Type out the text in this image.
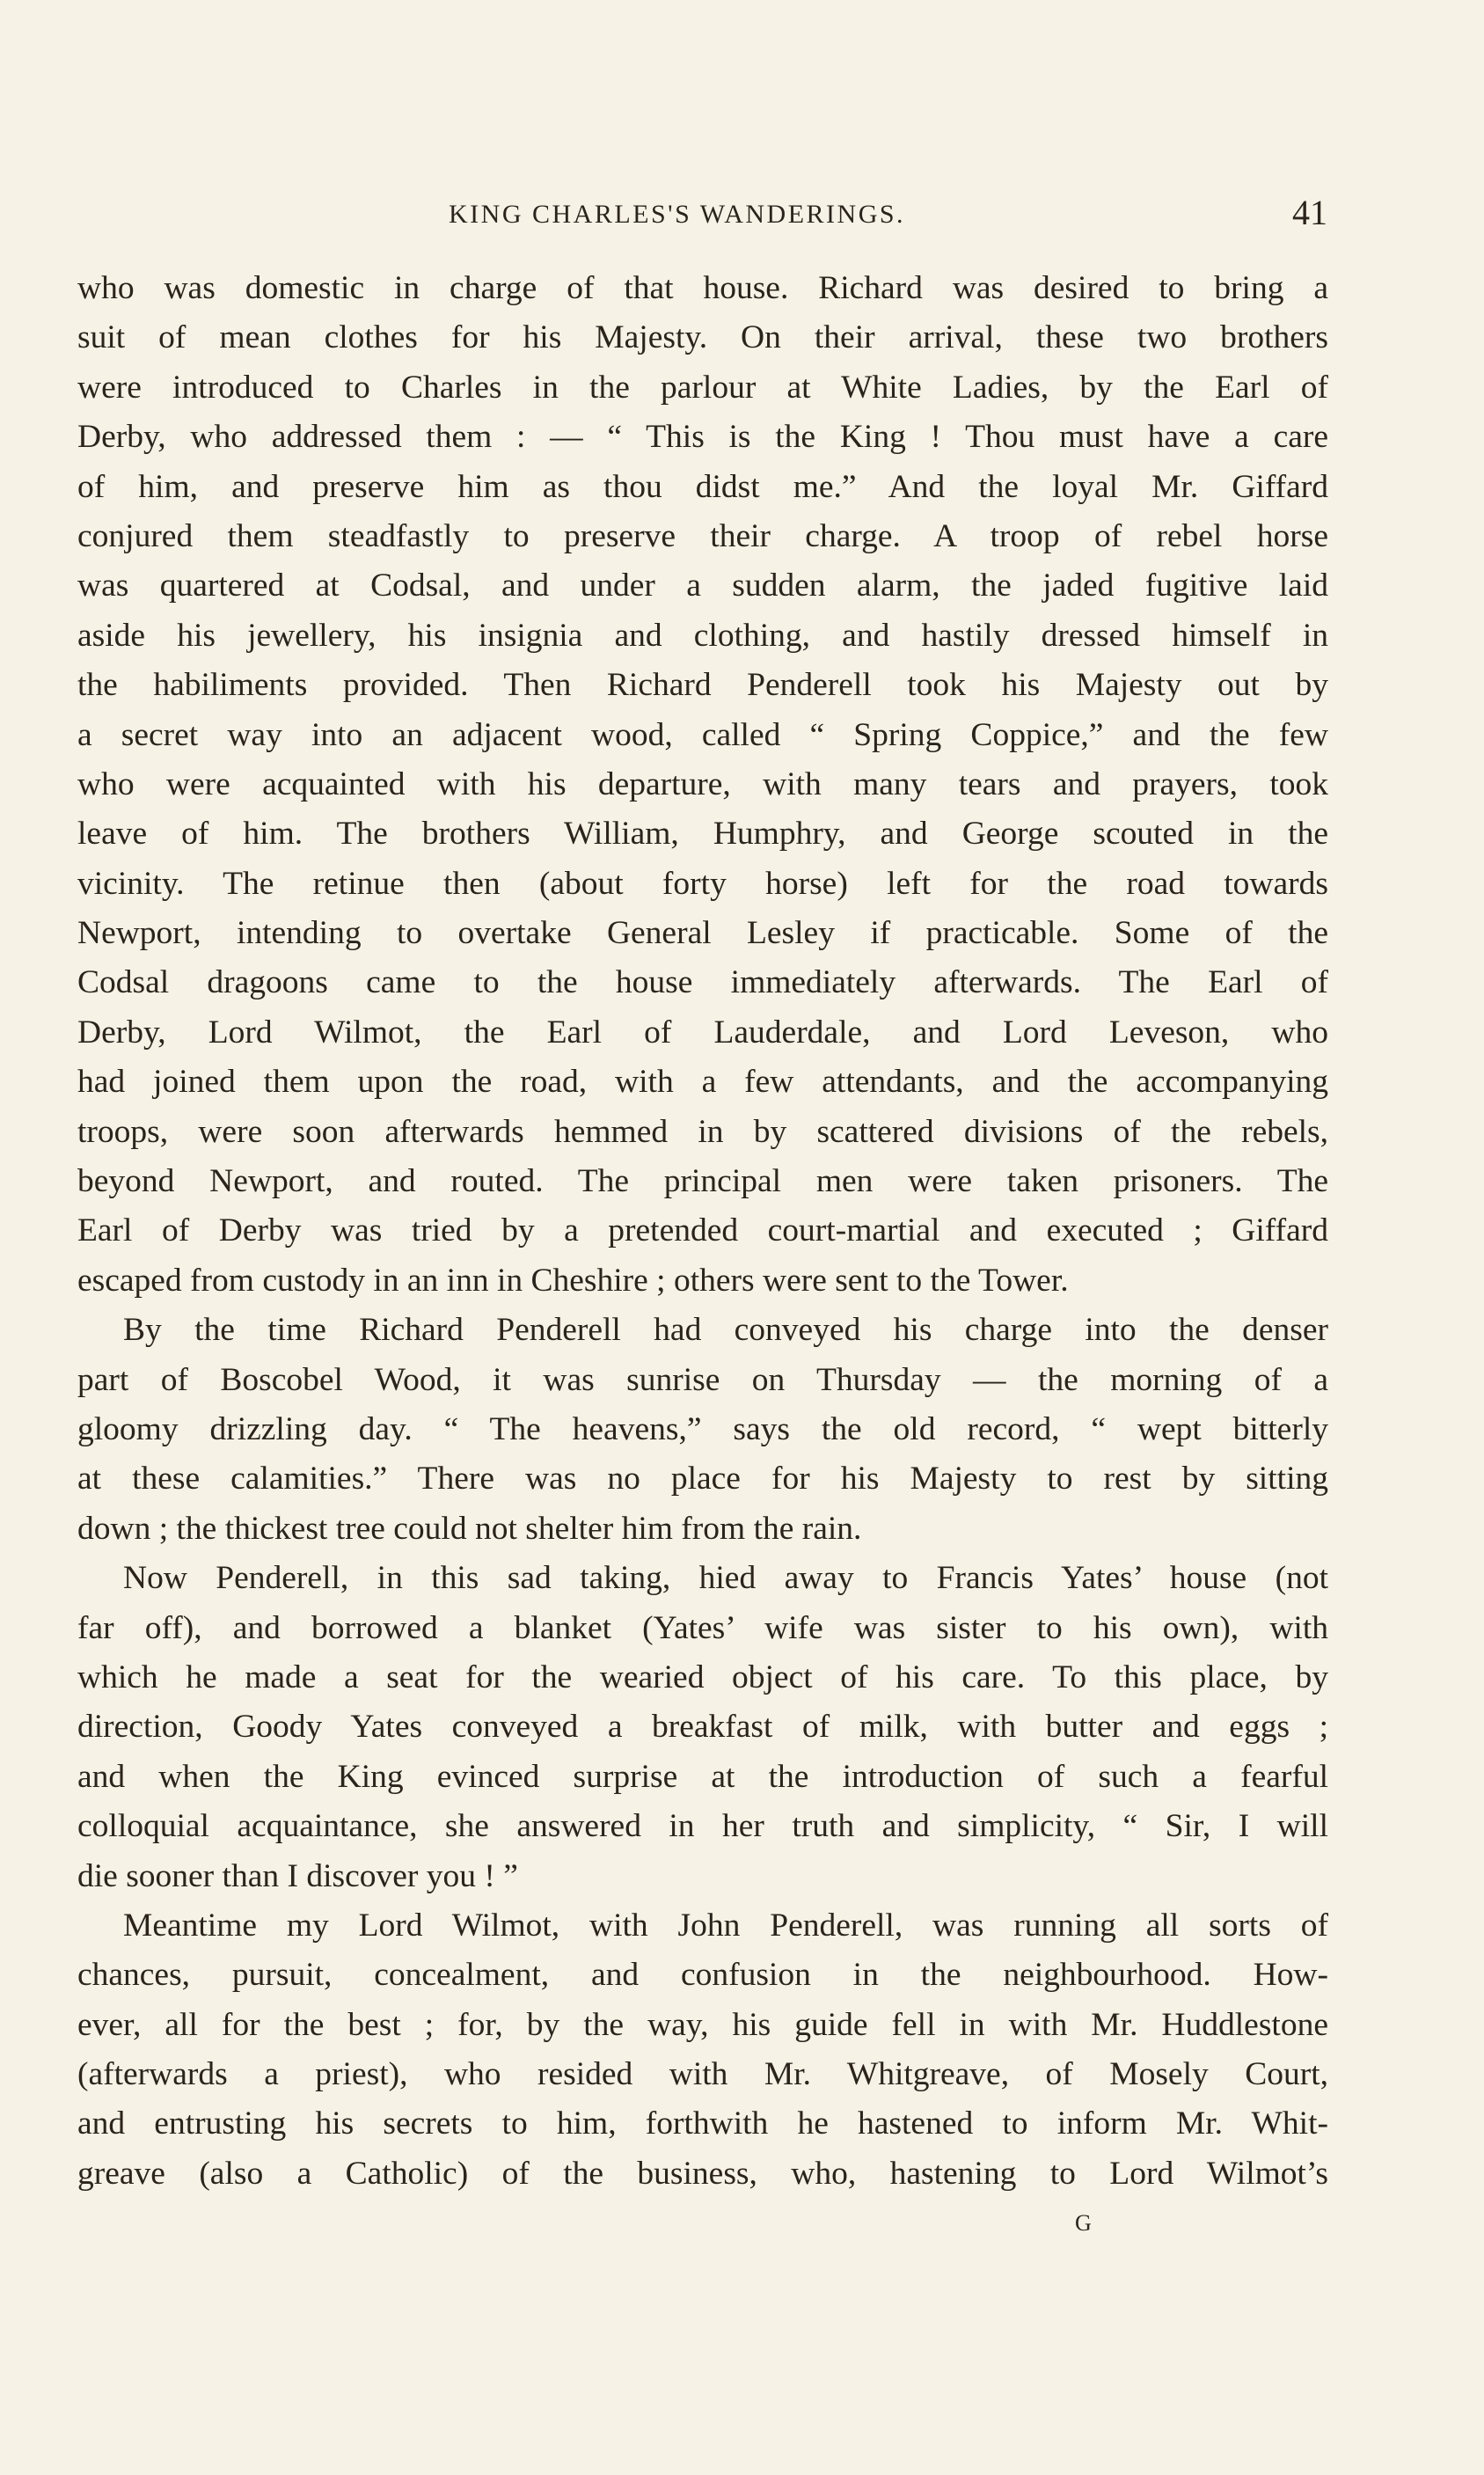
KING CHARLES'S WANDERINGS.	41
who was domestic in charge of that house. Richard was desired to bring a
suit of mean clothes for his Majesty. On their arrival, these two brothers
were introduced to Charles in the parlour at White Ladies, by the Earl of
Derby, who addressed them : — “ This is the King ! Thou must have a care
of him, and preserve him as thou didst me.” And the loyal Mr. Giffard
conjured them steadfastly to preserve their charge. A troop of rebel horse
was quartered at Codsal, and under a sudden alarm, the jaded fugitive laid
aside his jewellery, his insignia and clothing, and hastily dressed himself in
the habiliments provided. Then Richard Penderell took his Majesty out by
a secret way into an adjacent wood, called “ Spring Coppice,” and the few
who were acquainted with his departure, with many tears and prayers, took
leave of him. The brothers William, Humphry, and George scouted in the
vicinity. The retinue then (about forty horse) left for the road towards
Newport, intending to overtake General Lesley if practicable. Some of the
Codsal dragoons came to the house immediately afterwards. The Earl of
Derby, Lord Wilmot, the Earl of Lauderdale, and Lord Leveson, who
had joined them upon the road, with a few attendants, and the accompanying
troops, were soon afterwards hemmed in by scattered divisions of the rebels,
beyond Newport, and routed. The principal men were taken prisoners. The
Earl of Derby was tried by a pretended court-martial and executed ; Giffard
escaped from custody in an inn in Cheshire ; others were sent to the Tower.
By the time Richard Penderell had conveyed his charge into the denser
part of Boscobel Wood, it was sunrise on Thursday — the morning of a
gloomy drizzling day. “ The heavens,” says the old record, “ wept bitterly
at these calamities.” There was no place for his Majesty to rest by sitting
down ; the thickest tree could not shelter him from the rain.
Now Penderell, in this sad taking, hied away to Francis Yates’ house (not
far off), and borrowed a blanket (Yates’ wife was sister to his own), with
which he made a seat for the wearied object of his care. To this place, by
direction, Goody Yates conveyed a breakfast of milk, with butter and eggs ;
and when the King evinced surprise at the introduction of such a fearful
colloquial acquaintance, she answered in her truth and simplicity, “ Sir, I will
die sooner than I discover you ! ”
Meantime my Lord Wilmot, with John Penderell, was running all sorts of
chances, pursuit, concealment, and confusion in the neighbourhood. How-
ever, all for the best ; for, by the way, his guide fell in with Mr. Huddlestone
(afterwards a priest), who resided with Mr. Whitgreave, of Mosely Court,
and entrusting his secrets to him, forthwith he hastened to inform Mr. Whit-
greave (also a Catholic) of the business, who, hastening to Lord Wilmot’s
G
